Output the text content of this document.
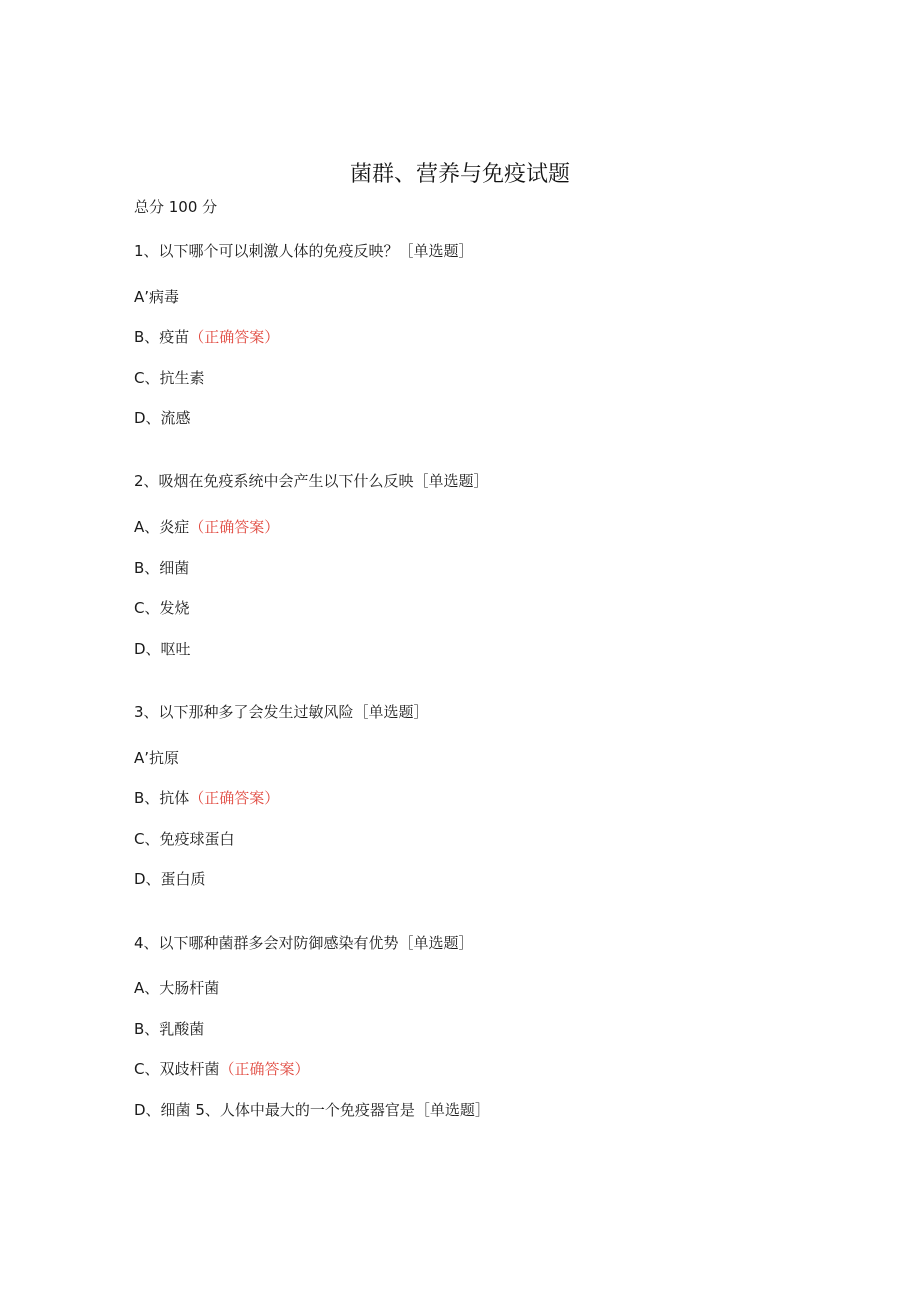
菌群、营养与免疫试题
总分 100 分
1、以下哪个可以刺激人体的免疫反映？［单选题］
A’病毒
B、疫苗（正确答案）
C、抗生素
D、流感
2、吸烟在免疫系统中会产生以下什么反映［单选题］
A、炎症（正确答案）
B、细菌
C、发烧
D、呕吐
3、以下那种多了会发生过敏风险［单选题］
A’抗原
B、抗体（正确答案）
C、免疫球蛋白
D、蛋白质
4、以下哪种菌群多会对防御感染有优势［单选题］
A、大肠杆菌
B、乳酸菌
C、双歧杆菌（正确答案）
D、细菌 5、人体中最大的一个免疫器官是［单选题］
